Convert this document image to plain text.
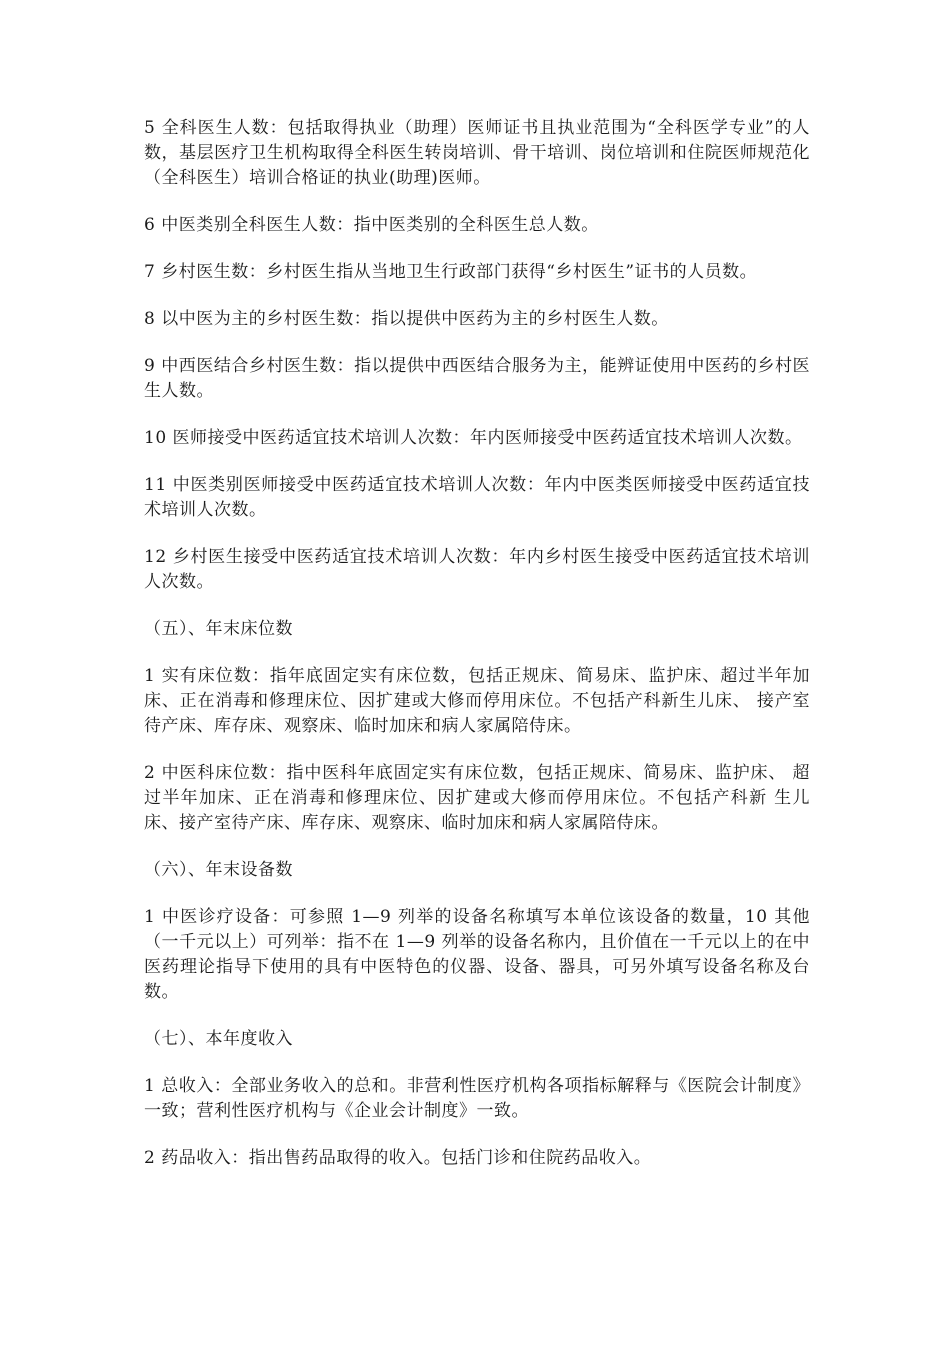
5 全科医生人数：包括取得执业（助理）医师证书且执业范围为“全科医学专业”的人数，基层医疗卫生机构取得全科医生转岗培训、骨干培训、岗位培训和住院医师规范化（全科医生）培训合格证的执业(助理)医师。

6 中医类别全科医生人数：指中医类别的全科医生总人数。

7 乡村医生数：乡村医生指从当地卫生行政部门获得“乡村医生”证书的人员数。

8 以中医为主的乡村医生数：指以提供中医药为主的乡村医生人数。

9 中西医结合乡村医生数：指以提供中西医结合服务为主，能辨证使用中医药的乡村医生人数。

10 医师接受中医药适宜技术培训人次数：年内医师接受中医药适宜技术培训人次数。

11 中医类别医师接受中医药适宜技术培训人次数：年内中医类医师接受中医药适宜技术培训人次数。

12 乡村医生接受中医药适宜技术培训人次数：年内乡村医生接受中医药适宜技术培训人次数。

（五）、年末床位数

1 实有床位数：指年底固定实有床位数，包括正规床、简易床、监护床、超过半年加床、正在消毒和修理床位、因扩建或大修而停用床位。不包括产科新生儿床、 接产室待产床、库存床、观察床、临时加床和病人家属陪侍床。

2 中医科床位数：指中医科年底固定实有床位数，包括正规床、简易床、监护床、 超过半年加床、正在消毒和修理床位、因扩建或大修而停用床位。不包括产科新 生儿床、接产室待产床、库存床、观察床、临时加床和病人家属陪侍床。

（六）、年末设备数

1 中医诊疗设备：可参照 1—9 列举的设备名称填写本单位该设备的数量，10 其他（一千元以上）可列举：指不在 1—9 列举的设备名称内，且价值在一千元以上的在中医药理论指导下使用的具有中医特色的仪器、设备、器具，可另外填写设备名称及台数。

（七）、本年度收入

1 总收入：全部业务收入的总和。非营利性医疗机构各项指标解释与《医院会计制度》一致；营利性医疗机构与《企业会计制度》一致。

2 药品收入：指出售药品取得的收入。包括门诊和住院药品收入。
